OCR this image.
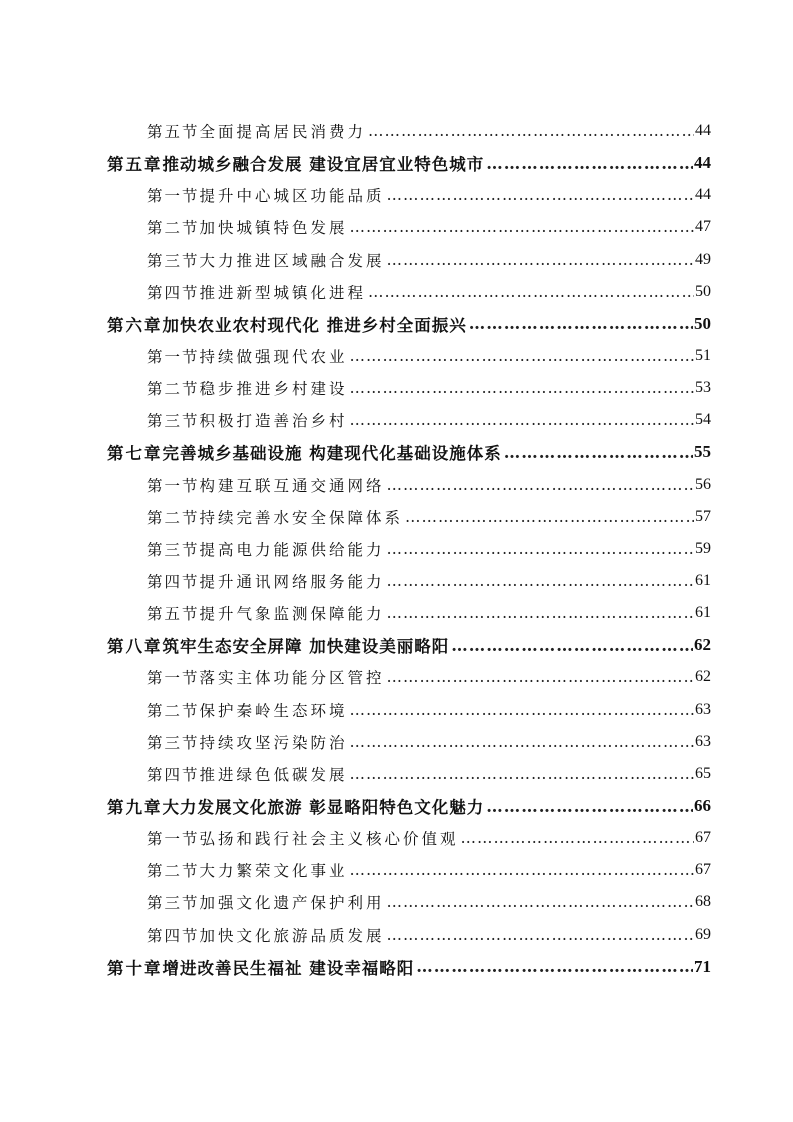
第五节 全面提高居民消费力 …………………………………………………………………………………………………………………	44
第五章 推动城乡融合发展 建设宜居宜业特色城市 …………………………………………………………………………………………………………………	44
第一节 提升中心城区功能品质 …………………………………………………………………………………………………………………	44
第二节 加快城镇特色发展 …………………………………………………………………………………………………………………	47
第三节 大力推进区域融合发展 …………………………………………………………………………………………………………………	49
第四节 推进新型城镇化进程 …………………………………………………………………………………………………………………	50
第六章 加快农业农村现代化 推进乡村全面振兴 …………………………………………………………………………………………………………………	50
第一节 持续做强现代农业 …………………………………………………………………………………………………………………	51
第二节 稳步推进乡村建设 …………………………………………………………………………………………………………………	53
第三节 积极打造善治乡村 …………………………………………………………………………………………………………………	54
第七章 完善城乡基础设施 构建现代化基础设施体系 …………………………………………………………………………………………………………………	55
第一节 构建互联互通交通网络 …………………………………………………………………………………………………………………	56
第二节 持续完善水安全保障体系 …………………………………………………………………………………………………………………	57
第三节 提高电力能源供给能力 …………………………………………………………………………………………………………………	59
第四节 提升通讯网络服务能力 …………………………………………………………………………………………………………………	61
第五节 提升气象监测保障能力 …………………………………………………………………………………………………………………	61
第八章 筑牢生态安全屏障 加快建设美丽略阳 …………………………………………………………………………………………………………………	62
第一节 落实主体功能分区管控 …………………………………………………………………………………………………………………	62
第二节 保护秦岭生态环境 …………………………………………………………………………………………………………………	63
第三节 持续攻坚污染防治 …………………………………………………………………………………………………………………	63
第四节 推进绿色低碳发展 …………………………………………………………………………………………………………………	65
第九章 大力发展文化旅游 彰显略阳特色文化魅力 …………………………………………………………………………………………………………………	66
第一节 弘扬和践行社会主义核心价值观 …………………………………………………………………………………………………………………	67
第二节 大力繁荣文化事业 …………………………………………………………………………………………………………………	67
第三节 加强文化遗产保护利用 …………………………………………………………………………………………………………………	68
第四节 加快文化旅游品质发展 …………………………………………………………………………………………………………………	69
第十章 增进改善民生福祉 建设幸福略阳 …………………………………………………………………………………………………………………	71
